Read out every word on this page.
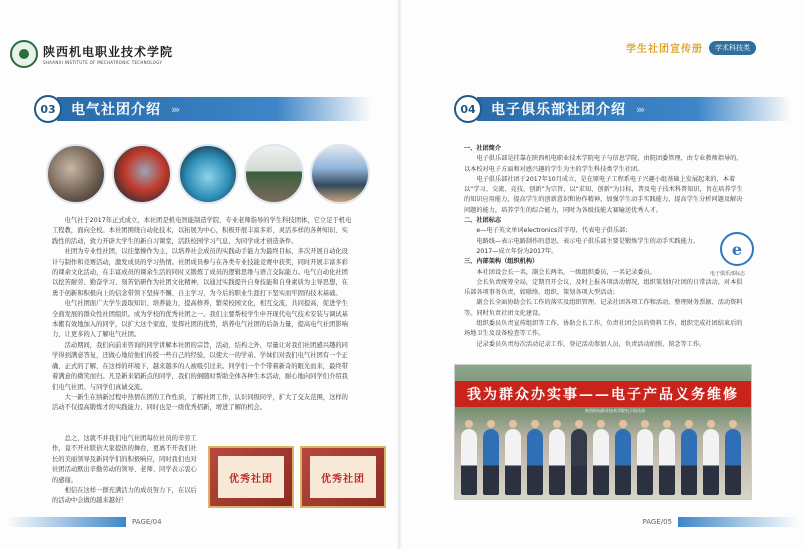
陕西机电职业技术学院
SHAANXI INSTITUTE OF MECHATRONIC TECHNOLOGY
03	电气社团介绍 ›››

电气社于2017年正式成立，本社团是机电智能制造学院、专业老师指导的学生科技团体，它立足于机电工程教，面向全校。本社团围绕自动化技术，以拓展为中心，积极开展丰富多彩、灵活多样的各种知识、实践性的活动，致力开辟大学生的新自习课堂，活跃校园学习气息，为同学成才创造条件。

社团为专业性社团，以挂靠操作为主，以培养社会成员的实践动手能力为最终目标，多次开展自动化设计与制作和竞赛活动，激发成员的学习热情。社团成员参与在各类专业技能竞赛中获奖，同时开展丰富多彩的课余文化活动，在丰富成员的课余生活的同时又锻炼了成员的逻辑思维与语言交际能力。电气自动化社团以挖苦耐劳、勤奋学习、刻苦钻研作为社团文化精神，以通过实践提升自身技能和自身素质为主导思想，在勇于创新和积极向上的信念带领下坚持不懈、自主学习，为今后的职业生涯打下坚实而牢固的技术基础。

电气社团面广大学生汲取知识、培养能力，提高修养，繁荣校园文化，相互交流，共同提高，促进学生全面发展的群众性社团组织。成为学校的优秀社团之一。我们主要帮校学生申开现代电气技术安装与调试基本搬有效地加入的同学，以扩大这个家庭，发挥社团的优势，培养电气社团的后备力量，提高电气社团影响力，让更多的人了解电气社团。

活动期间，我们向前来咨询的同学讲解本社团的宗旨，活动、结构之外，尽量让对我们社团感兴趣的同学得到满意答复，还做心地给他们传授一些自己的经验，以使大一的学弟、学妹们对我们电气社团有一个正确、正式的了解，在这样的环境下，越来越多的人被吸引过来。同学们一个个带着新奇的眼光而来，最终带着满意的微笑而归。凡是新来销新点的同学，我们的倒随时帮助全体各种生本活动，耐心地向同学们介绍我们电气社团。与同学们真诚交流。

大一新生在纳新过程中热情在团的工作性质，了解社团工作，认识同级同学，扩大了交友范围，这样的活动不仅提高锻炼才的实践能力，同时也是一级优秀招新，增进了解的机会。

总之，这就不并我们电气社团每位社员的辛劳工作，竟不开社联倍大家提供的舞台，更离不开我们社长的美丽领导及新同学们的积极响应，同时我们也对社团活动默出辛勤劳动的领导、老师、同学表示衷心的感谢。

相信在这样一群充满活力的成员努力下，在以后的活动中会做的越来越好！

优秀社团	优秀社团
PAGE/04
学生社团宣传册	学术科技类
04	电子俱乐部社团介绍 ›››

一、社团简介

电子俱乐部是挂靠在陕西机电职业技术学院电子与信息学院，由院团委管理，由专业教师指导的，以本校对电子方面和对感兴趣的学生为主的学生科技类学生社团。

电子俱乐部社团于2017年10月成立，是在原电子工程系电子兴趣小组基础上发展起来的，本着以“学习、交流、竞技、创新”为宗旨，以“求知、创新”为目标，普及电子技术科普知识，旨在培养学生的知识应用能力，提高学生的创新意识和协作精神，加强学生动手实践能力，提高学生分析问题及解决问题的能力，培养学生的综合能力，同时为各级技能大赛输送优秀人才。

二、社团标志

e—电子英文单词electronics首字母，代表电子俱乐部；

电路线—表示电路制作的意思，表示电子俱乐部主要是锻炼学生的动手实践能力。

2017—成立年份为2017年。

三、内部架构（组织机构）

本社团设会长一名，副会长两名，一级组织委员，一名记录委员。

会长负责统筹全局，定期召开会议，及时上报各项活动情况，组织策划好社团的日常活动，对本俱乐部各项事务负责，如联络、组织、策划各项大型活动；

副会长全面协助会长工作的落实及组织管理、记录社团各项工作和活动、整理财务票据、活动资料等。同时负责社团文化建设。

组织委员负责宣传组织等工作，协助会长工作，负责社团会员的资料工作，组织完成社团结束后的场地卫生及设备检查等工作。

记录委员负责每次活动记录工作，登记活动参加人员，负责活动拍照、留念等工作。

e
电子俱乐部标志
我为群众办实事——电子产品义务维修
陕西机电职业技术学院电子俱乐部
PAGE/05
